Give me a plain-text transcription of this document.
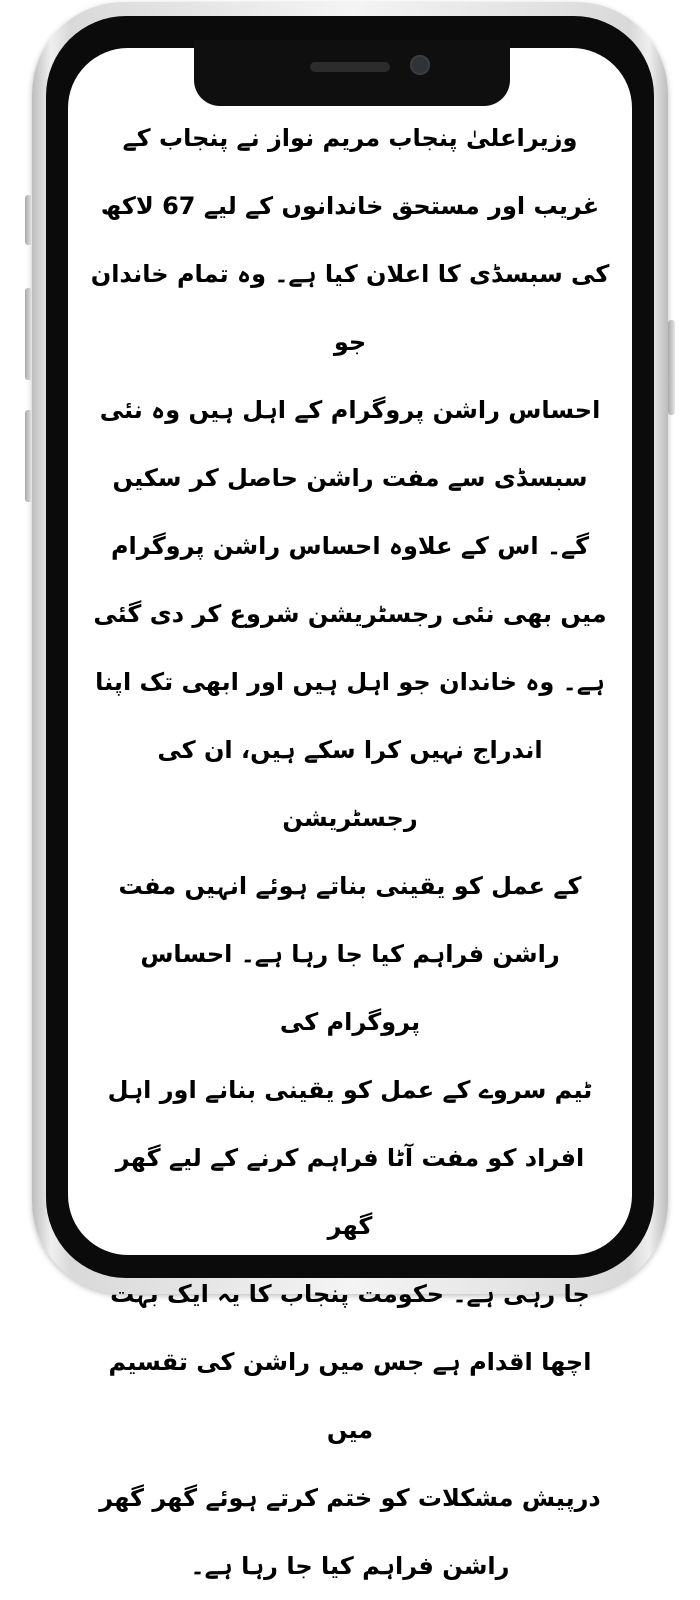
وزیراعلیٰ پنجاب مریم نواز نے پنجاب کے
غریب اور مستحق خاندانوں کے لیے 67 لاکھ
کی سبسڈی کا اعلان کیا ہے۔ وہ تمام خاندان جو
احساس راشن پروگرام کے اہل ہیں وہ نئی
سبسڈی سے مفت راشن حاصل کر سکیں
گے۔ اس کے علاوہ احساس راشن پروگرام
میں بھی نئی رجسٹریشن شروع کر دی گئی
ہے۔ وہ خاندان جو اہل ہیں اور ابھی تک اپنا
اندراج نہیں کرا سکے ہیں، ان کی رجسٹریشن
کے عمل کو یقینی بناتے ہوئے انہیں مفت
راشن فراہم کیا جا رہا ہے۔ احساس پروگرام کی
ٹیم سروے کے عمل کو یقینی بنانے اور اہل
افراد کو مفت آٹا فراہم کرنے کے لیے گھر گھر
جا رہی ہے۔ حکومت پنجاب کا یہ ایک بہت
اچھا اقدام ہے جس میں راشن کی تقسیم میں
درپیش مشکلات کو ختم کرتے ہوئے گھر گھر
راشن فراہم کیا جا رہا ہے۔
